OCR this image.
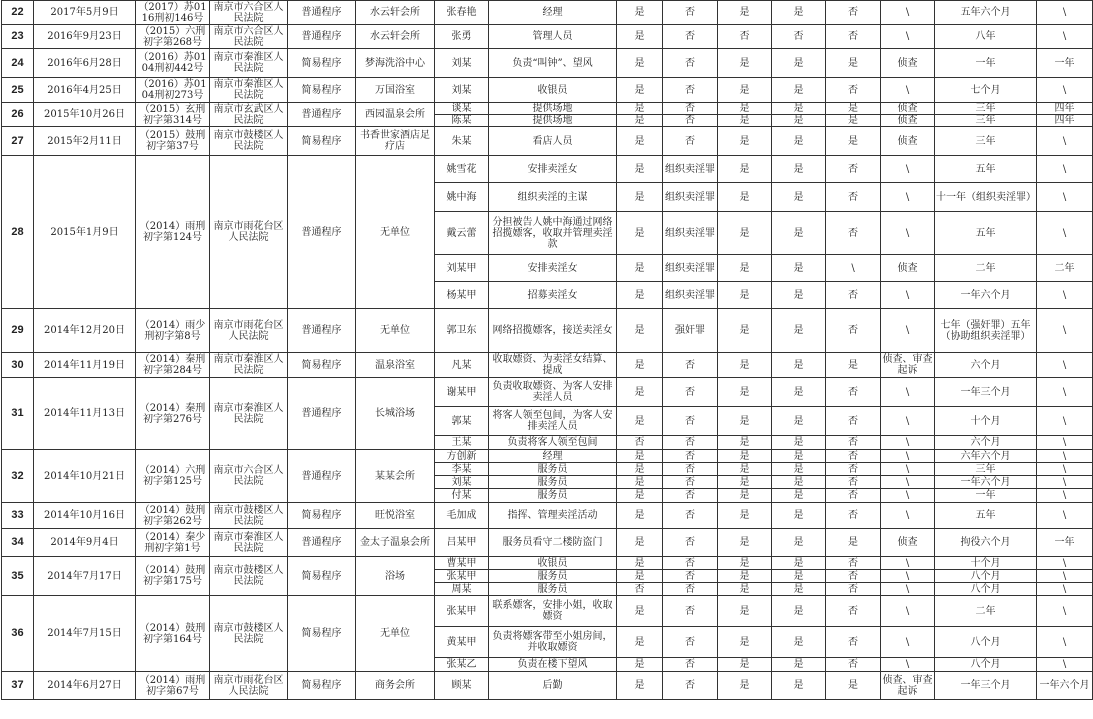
22	2017年5月9日	（2017）苏0116刑初146号	南京市六合区人民法院	普通程序	水云轩会所	张春艳	经理	是	否	是	是	否	\	五年六个月	\
23	2016年9月23日	（2015）六刑初字第268号	南京市六合区人民法院	普通程序	水云轩会所	张勇	管理人员	是	否	否	否	否	\	八年	\
24	2016年6月28日	（2016）苏0104刑初442号	南京市秦淮区人民法院	简易程序	梦海洗浴中心	刘某	负责“叫钟”、望风	是	否	是	是	是	侦查	一年	一年
25	2016年4月25日	（2016）苏0104刑初273号	南京市秦淮区人民法院	简易程序	万国浴室	刘某	收银员	是	否	是	是	否	\	七个月	\
26	2015年10月26日	（2015）玄刑初字第314号	南京市玄武区人民法院	普通程序	西园温泉会所	谈某	提供场地	是	否	是	是	是	侦查	三年	四年
						陈某	提供场地	是	否	是	是	是	侦查	三年	四年
27	2015年2月11日	（2015）鼓刑初字第37号	南京市鼓楼区人民法院	简易程序	书香世家酒店足疗店	朱某	看店人员	是	否	是	是	是	侦查	三年	\
28	2015年1月9日	（2014）雨刑初字第124号	南京市雨花台区人民法院	普通程序	无单位	姚雪花	安排卖淫女	是	组织卖淫罪	是	是	否	\	五年	\
						姚中海	组织卖淫的主谋	是	组织卖淫罪	是	是	否	\	十一年（组织卖淫罪）	\
						戴云蕾	分担被告人姚中海通过网络招揽嫖客，收取并管理卖淫款	是	组织卖淫罪	是	是	否	\	五年	\
						刘某甲	安排卖淫女	是	组织卖淫罪	是	是	\	侦查	二年	二年
						杨某甲	招募卖淫女	是	组织卖淫罪	是	是	否	\	一年六个月	\
29	2014年12月20日	（2014）雨少刑初字第8号	南京市雨花台区人民法院	普通程序	无单位	郭卫东	网络招揽嫖客，接送卖淫女	是	强奸罪	是	是	否	\	七年（强奸罪）五年（协助组织卖淫罪）	\
30	2014年11月19日	（2014）秦刑初字第284号	南京市秦淮区人民法院	简易程序	温泉浴室	凡某	收取嫖资、为卖淫女结算、提成	是	否	是	是	是	侦查、审查起诉	六个月	\
31	2014年11月13日	（2014）秦刑初字第276号	南京市秦淮区人民法院	普通程序	长城浴场	谢某甲	负责收取嫖资、为客人安排卖淫人员	是	否	是	是	否	\	一年三个月	\
						郭某	将客人领至包间，为客人安排卖淫人员	是	否	是	是	否	\	十个月	\
						王某	负责将客人领至包间	否	否	是	是	否	\	六个月	\
32	2014年10月21日	（2014）六刑初字第125号	南京市六合区人民法院	普通程序	某某会所	方创新	经理	是	否	是	是	否	\	六年六个月	\
						李某	服务员	是	否	是	是	否	\	三年	\
						刘某	服务员	是	否	是	是	否	\	一年六个月	\
						付某	服务员	是	否	是	是	否	\	一年	\
33	2014年10月16日	（2014）鼓刑初字第262号	南京市鼓楼区人民法院	简易程序	旺悦浴室	毛加成	指挥、管理卖淫活动	是	否	是	是	否	\	五年	\
34	2014年9月4日	（2014）秦少刑初字第1号	南京市秦淮区人民法院	普通程序	金太子温泉会所	吕某甲	服务员看守二楼防盗门	是	否	是	是	是	侦查	拘役六个月	一年
35	2014年7月17日	（2014）鼓刑初字第175号	南京市鼓楼区人民法院	简易程序	浴场	曹某甲	收银员	是	否	是	是	否	\	十个月	\
						张某甲	服务员	是	否	是	是	否	\	八个月	\
						周某	服务员	否	否	是	是	否	\	八个月	\
36	2014年7月15日	（2014）鼓刑初字第164号	南京市鼓楼区人民法院	简易程序	无单位	张某甲	联系嫖客，安排小姐，收取嫖资	是	否	是	是	否	\	二年	\
						黄某甲	负责将嫖客带至小姐房间，并收取嫖资	是	否	是	是	否	\	八个月	\
						张某乙	负责在楼下望风	是	否	是	是	否	\	八个月	\
37	2014年6月27日	（2014）雨刑初字第67号	南京市雨花台区人民法院	简易程序	商务会所	顾某	后勤	是	否	是	是	是	侦查、审查起诉	一年三个月	一年六个月
